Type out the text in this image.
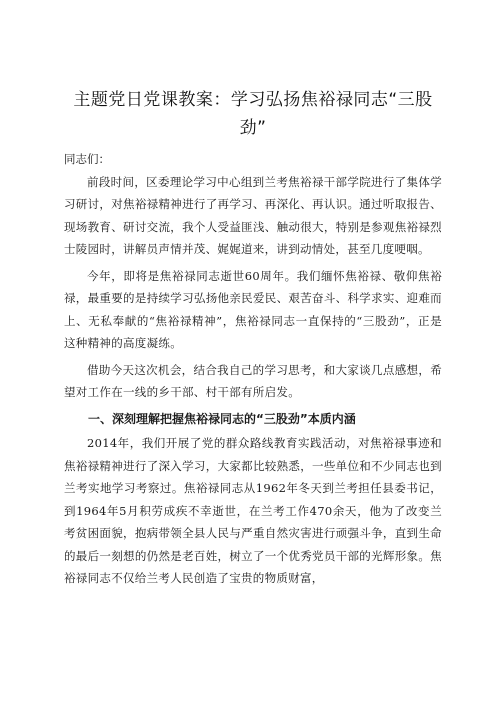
主题党日党课教案：学习弘扬焦裕禄同志“三股劲”

同志们：

前段时间，区委理论学习中心组到兰考焦裕禄干部学院进行了集体学习研讨，对焦裕禄精神进行了再学习、再深化、再认识。通过听取报告、现场教育、研讨交流，我个人受益匪浅、触动很大，特别是参观焦裕禄烈士陵园时，讲解员声情并茂、娓娓道来，讲到动情处，甚至几度哽咽。

今年，即将是焦裕禄同志逝世60周年。我们缅怀焦裕禄、敬仰焦裕禄，最重要的是持续学习弘扬他亲民爱民、艰苦奋斗、科学求实、迎难而上、无私奉献的“焦裕禄精神”，焦裕禄同志一直保持的“三股劲”，正是这种精神的高度凝练。

借助今天这次机会，结合我自己的学习思考，和大家谈几点感想，希望对工作在一线的乡干部、村干部有所启发。

一、深刻理解把握焦裕禄同志的“三股劲”本质内涵

2014年，我们开展了党的群众路线教育实践活动，对焦裕禄事迹和焦裕禄精神进行了深入学习，大家都比较熟悉，一些单位和不少同志也到兰考实地学习考察过。焦裕禄同志从1962年冬天到兰考担任县委书记，到1964年5月积劳成疾不幸逝世，在兰考工作470余天，他为了改变兰考贫困面貌，抱病带领全县人民与严重自然灾害进行顽强斗争，直到生命的最后一刻想的仍然是老百姓，树立了一个优秀党员干部的光辉形象。焦裕禄同志不仅给兰考人民创造了宝贵的物质财富，
